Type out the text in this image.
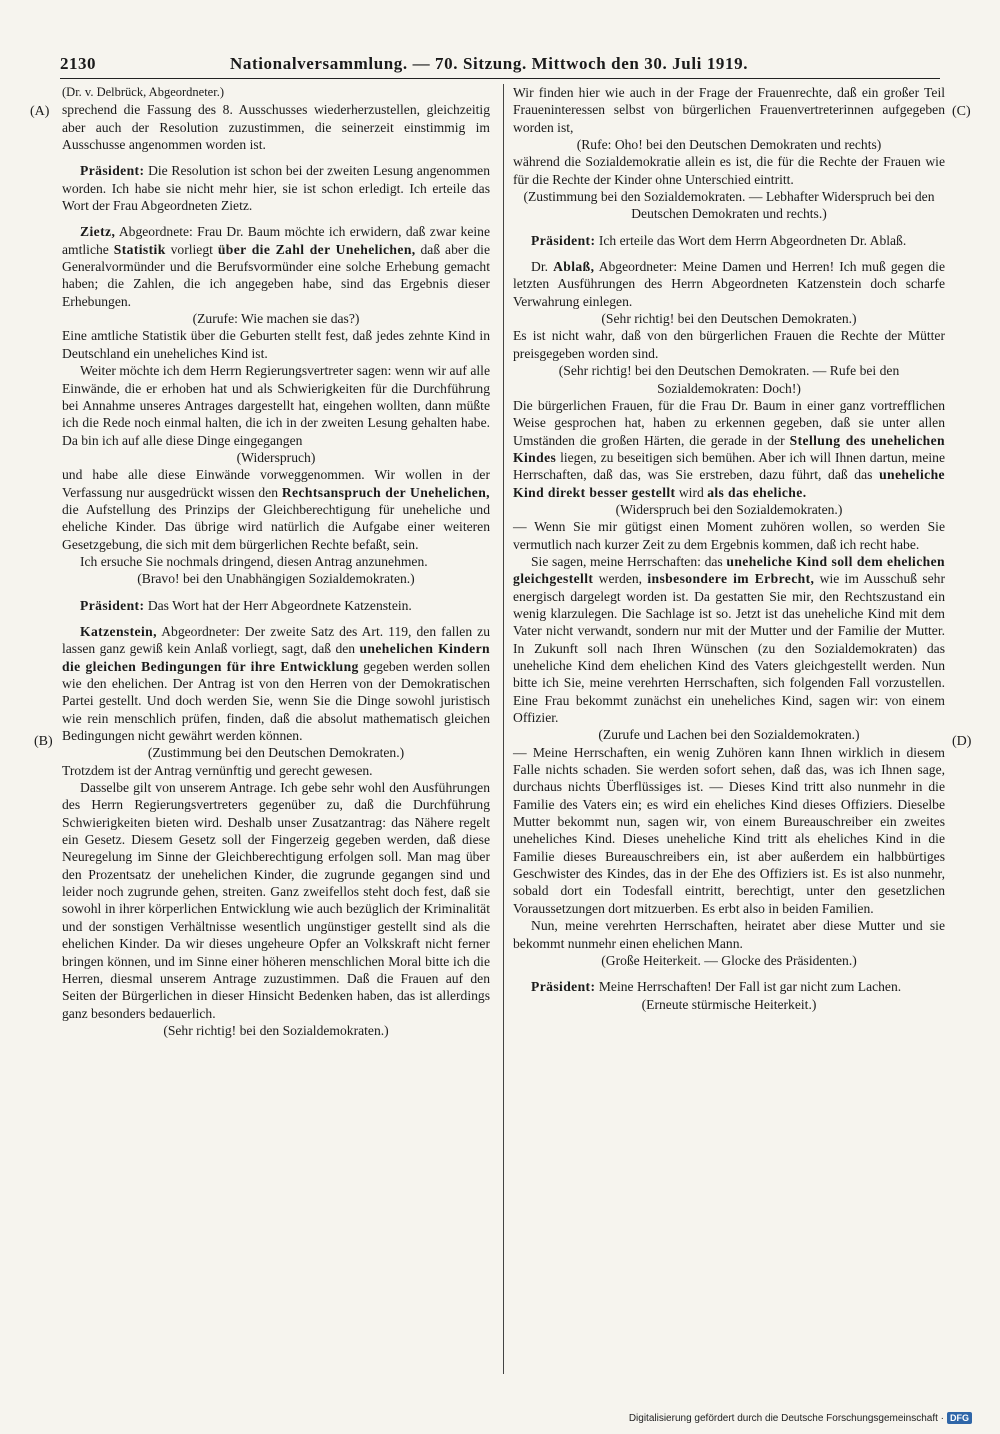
2130	Nationalversammlung. — 70. Sitzung. Mittwoch den 30. Juli 1919.
(A)
(B)
(C)
(D)

(Dr. v. Delbrück, Abgeordneter.)

sprechend die Fassung des 8. Ausschusses wiederherzustellen, gleichzeitig aber auch der Resolution zuzustimmen, die seinerzeit einstimmig im Ausschusse angenommen worden ist.

Präsident: Die Resolution ist schon bei der zweiten Lesung angenommen worden. Ich habe sie nicht mehr hier, sie ist schon erledigt. Ich erteile das Wort der Frau Abgeordneten Zietz.

Zietz, Abgeordnete: Frau Dr. Baum möchte ich erwidern, daß zwar keine amtliche Statistik vorliegt über die Zahl der Unehelichen, daß aber die Generalvormünder und die Berufsvormünder eine solche Erhebung gemacht haben; die Zahlen, die ich angegeben habe, sind das Ergebnis dieser Erhebungen.

(Zurufe: Wie machen sie das?)

Eine amtliche Statistik über die Geburten stellt fest, daß jedes zehnte Kind in Deutschland ein uneheliches Kind ist.

Weiter möchte ich dem Herrn Regierungsvertreter sagen: wenn wir auf alle Einwände, die er erhoben hat und als Schwierigkeiten für die Durchführung bei Annahme unseres Antrages dargestellt hat, eingehen wollten, dann müßte ich die Rede noch einmal halten, die ich in der zweiten Lesung gehalten habe. Da bin ich auf alle diese Dinge eingegangen

(Widerspruch)

und habe alle diese Einwände vorweggenommen. Wir wollen in der Verfassung nur ausgedrückt wissen den Rechtsanspruch der Unehelichen, die Aufstellung des Prinzips der Gleichberechtigung für uneheliche und eheliche Kinder. Das übrige wird natürlich die Aufgabe einer weiteren Gesetzgebung, die sich mit dem bürgerlichen Rechte befaßt, sein.

Ich ersuche Sie nochmals dringend, diesen Antrag anzunehmen.

(Bravo! bei den Unabhängigen Sozialdemokraten.)

Präsident: Das Wort hat der Herr Abgeordnete Katzenstein.

Katzenstein, Abgeordneter: Der zweite Satz des Art. 119, den fallen zu lassen ganz gewiß kein Anlaß vorliegt, sagt, daß den unehelichen Kindern die gleichen Bedingungen für ihre Entwicklung gegeben werden sollen wie den ehelichen. Der Antrag ist von den Herren von der Demokratischen Partei gestellt. Und doch werden Sie, wenn Sie die Dinge sowohl juristisch wie rein menschlich prüfen, finden, daß die absolut mathematisch gleichen Bedingungen nicht gewährt werden können.

(Zustimmung bei den Deutschen Demokraten.)

Trotzdem ist der Antrag vernünftig und gerecht gewesen.

Dasselbe gilt von unserem Antrage. Ich gebe sehr wohl den Ausführungen des Herrn Regierungsvertreters gegenüber zu, daß die Durchführung Schwierigkeiten bieten wird. Deshalb unser Zusatzantrag: das Nähere regelt ein Gesetz. Diesem Gesetz soll der Fingerzeig gegeben werden, daß diese Neuregelung im Sinne der Gleichberechtigung erfolgen soll. Man mag über den Prozentsatz der unehelichen Kinder, die zugrunde gegangen sind und leider noch zugrunde gehen, streiten. Ganz zweifellos steht doch fest, daß sie sowohl in ihrer körperlichen Entwicklung wie auch bezüglich der Kriminalität und der sonstigen Verhältnisse wesentlich ungünstiger gestellt sind als die ehelichen Kinder. Da wir dieses ungeheure Opfer an Volkskraft nicht ferner bringen können, und im Sinne einer höheren menschlichen Moral bitte ich die Herren, diesmal unserem Antrage zuzustimmen. Daß die Frauen auf den Seiten der Bürgerlichen in dieser Hinsicht Bedenken haben, das ist allerdings ganz besonders bedauerlich.

(Sehr richtig! bei den Sozialdemokraten.)

Wir finden hier wie auch in der Frage der Frauenrechte, daß ein großer Teil Fraueninteressen selbst von bürgerlichen Frauenvertreterinnen aufgegeben worden ist,

(Rufe: Oho! bei den Deutschen Demokraten und rechts)

während die Sozialdemokratie allein es ist, die für die Rechte der Frauen wie für die Rechte der Kinder ohne Unterschied eintritt.

(Zustimmung bei den Sozialdemokraten. — Lebhafter Widerspruch bei den Deutschen Demokraten und rechts.)

Präsident: Ich erteile das Wort dem Herrn Abgeordneten Dr. Ablaß.

Dr. Ablaß, Abgeordneter: Meine Damen und Herren! Ich muß gegen die letzten Ausführungen des Herrn Abgeordneten Katzenstein doch scharfe Verwahrung einlegen.

(Sehr richtig! bei den Deutschen Demokraten.)

Es ist nicht wahr, daß von den bürgerlichen Frauen die Rechte der Mütter preisgegeben worden sind.

(Sehr richtig! bei den Deutschen Demokraten. — Rufe bei den Sozialdemokraten: Doch!)

Die bürgerlichen Frauen, für die Frau Dr. Baum in einer ganz vortrefflichen Weise gesprochen hat, haben zu erkennen gegeben, daß sie unter allen Umständen die großen Härten, die gerade in der Stellung des unehelichen Kindes liegen, zu beseitigen sich bemühen. Aber ich will Ihnen dartun, meine Herrschaften, daß das, was Sie erstreben, dazu führt, daß das uneheliche Kind direkt besser gestellt wird als das eheliche.

(Widerspruch bei den Sozialdemokraten.)

— Wenn Sie mir gütigst einen Moment zuhören wollen, so werden Sie vermutlich nach kurzer Zeit zu dem Ergebnis kommen, daß ich recht habe.

Sie sagen, meine Herrschaften: das uneheliche Kind soll dem ehelichen gleichgestellt werden, insbesondere im Erbrecht, wie im Ausschuß sehr energisch dargelegt worden ist. Da gestatten Sie mir, den Rechtszustand ein wenig klarzulegen. Die Sachlage ist so. Jetzt ist das uneheliche Kind mit dem Vater nicht verwandt, sondern nur mit der Mutter und der Familie der Mutter. In Zukunft soll nach Ihren Wünschen (zu den Sozialdemokraten) das uneheliche Kind dem ehelichen Kind des Vaters gleichgestellt werden. Nun bitte ich Sie, meine verehrten Herrschaften, sich folgenden Fall vorzustellen. Eine Frau bekommt zunächst ein uneheliches Kind, sagen wir: von einem Offizier.

(Zurufe und Lachen bei den Sozialdemokraten.)

— Meine Herrschaften, ein wenig Zuhören kann Ihnen wirklich in diesem Falle nichts schaden. Sie werden sofort sehen, daß das, was ich Ihnen sage, durchaus nichts Überflüssiges ist. — Dieses Kind tritt also nunmehr in die Familie des Vaters ein; es wird ein eheliches Kind dieses Offiziers. Dieselbe Mutter bekommt nun, sagen wir, von einem Bureauschreiber ein zweites uneheliches Kind. Dieses uneheliche Kind tritt als eheliches Kind in die Familie dieses Bureauschreibers ein, ist aber außerdem ein halbbürtiges Geschwister des Kindes, das in der Ehe des Offiziers ist. Es ist also nunmehr, sobald dort ein Todesfall eintritt, berechtigt, unter den gesetzlichen Voraussetzungen dort mitzuerben. Es erbt also in beiden Familien.

Nun, meine verehrten Herrschaften, heiratet aber diese Mutter und sie bekommt nunmehr einen ehelichen Mann.

(Große Heiterkeit. — Glocke des Präsidenten.)

Präsident: Meine Herrschaften! Der Fall ist gar nicht zum Lachen.

(Erneute stürmische Heiterkeit.)

Digitalisierung gefördert durch die Deutsche Forschungsgemeinschaft · DFG
